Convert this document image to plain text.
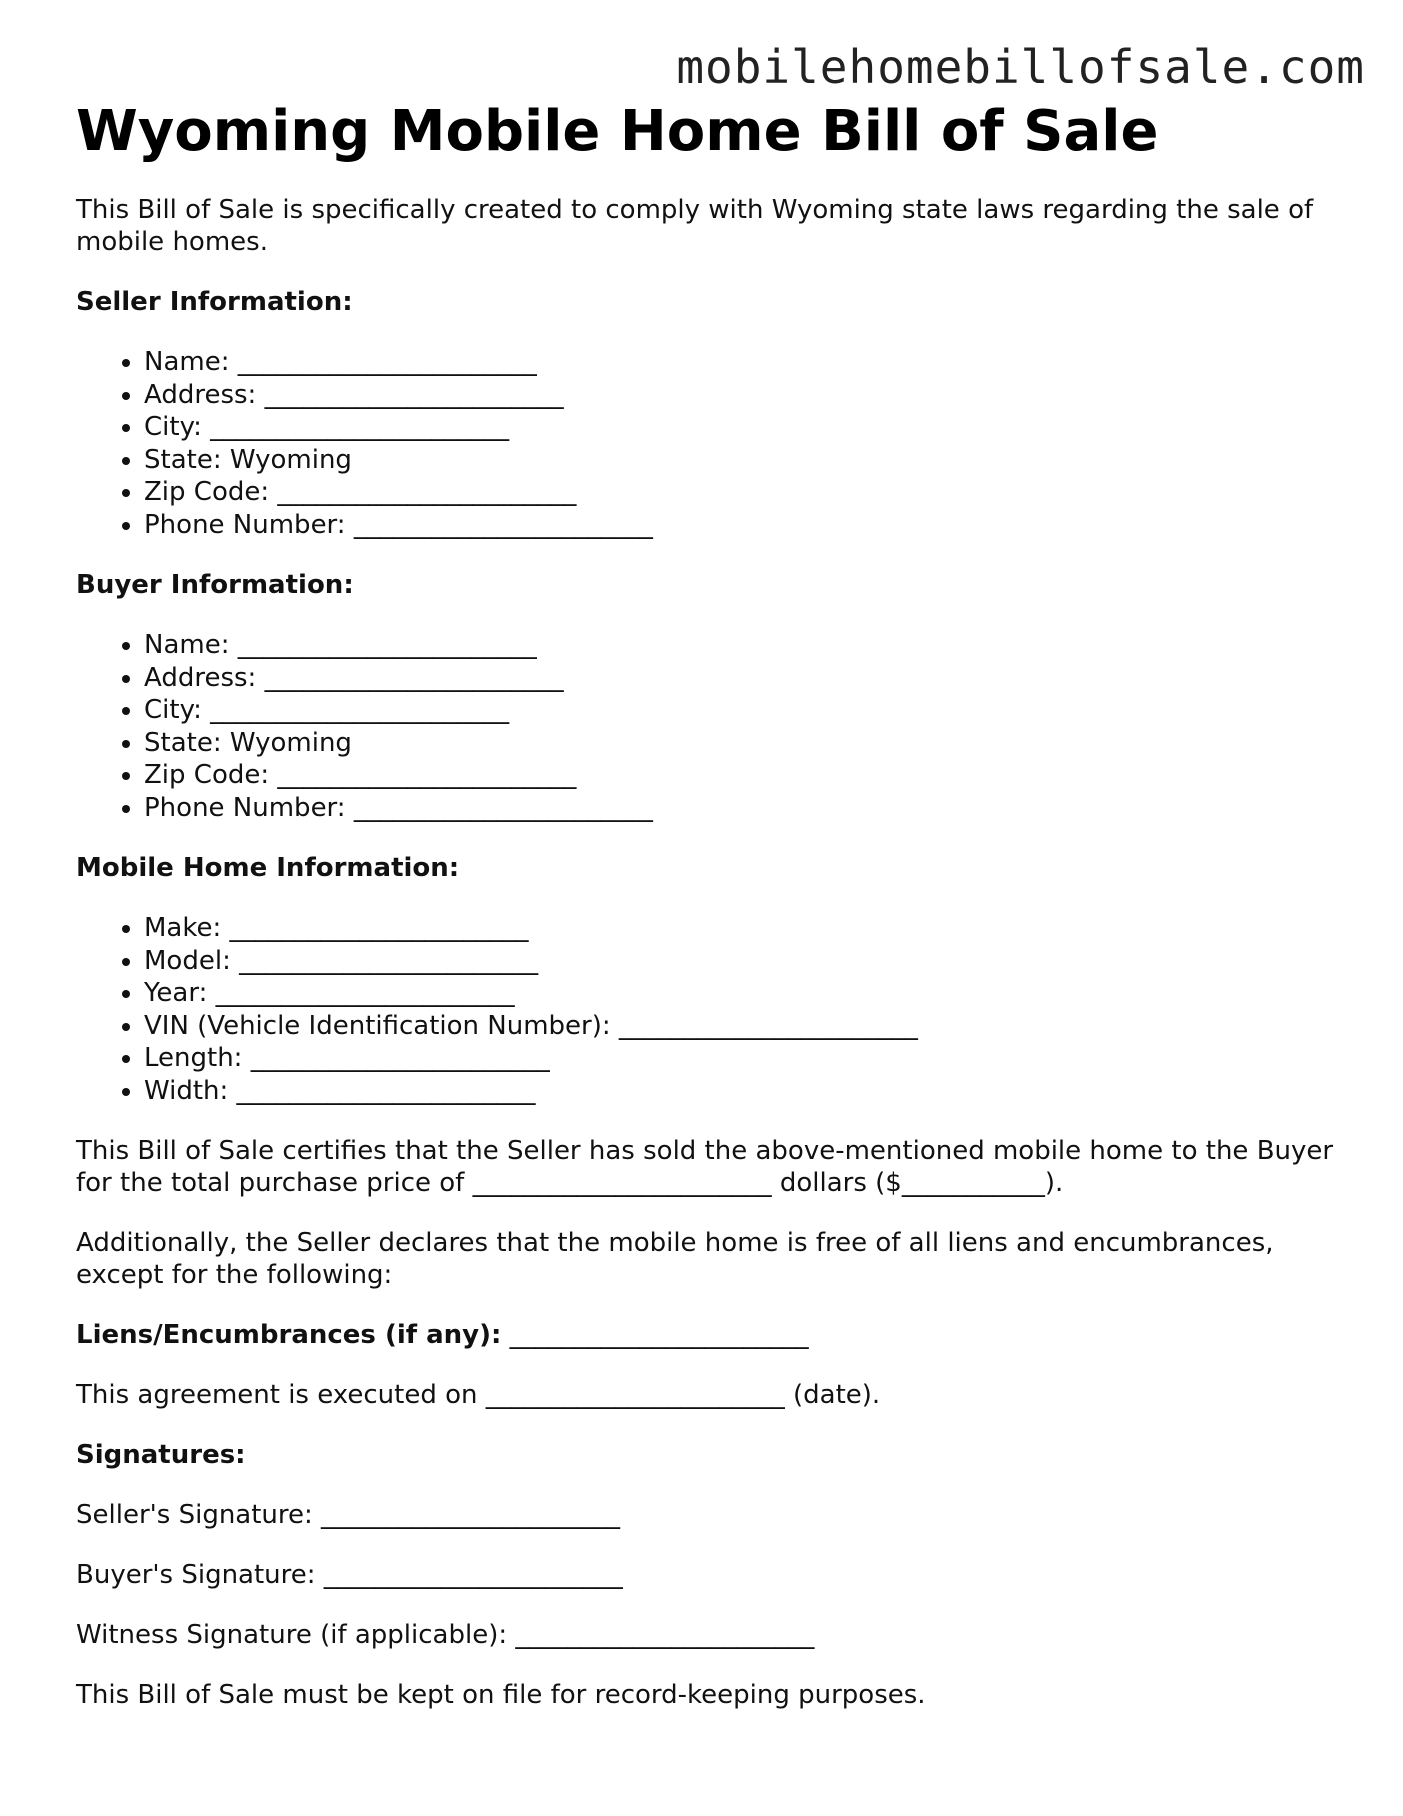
mobilehomebillofsale.com
Wyoming Mobile Home Bill of Sale

This Bill of Sale is specifically created to comply with Wyoming state laws regarding the sale of mobile homes.

Seller Information:

• Name: _______________________
• Address: _______________________
• City: _______________________
• State: Wyoming
• Zip Code: _______________________
• Phone Number: _______________________

Buyer Information:

• Name: _______________________
• Address: _______________________
• City: _______________________
• State: Wyoming
• Zip Code: _______________________
• Phone Number: _______________________

Mobile Home Information:

• Make: _______________________
• Model: _______________________
• Year: _______________________
• VIN (Vehicle Identification Number): _______________________
• Length: _______________________
• Width: _______________________

This Bill of Sale certifies that the Seller has sold the above-mentioned mobile home to the Buyer for the total purchase price of _______________________ dollars ($___________).

Additionally, the Seller declares that the mobile home is free of all liens and encumbrances, except for the following:

Liens/Encumbrances (if any): _______________________

This agreement is executed on _______________________ (date).

Signatures:

Seller's Signature: _______________________

Buyer's Signature: _______________________

Witness Signature (if applicable): _______________________

This Bill of Sale must be kept on file for record-keeping purposes.
